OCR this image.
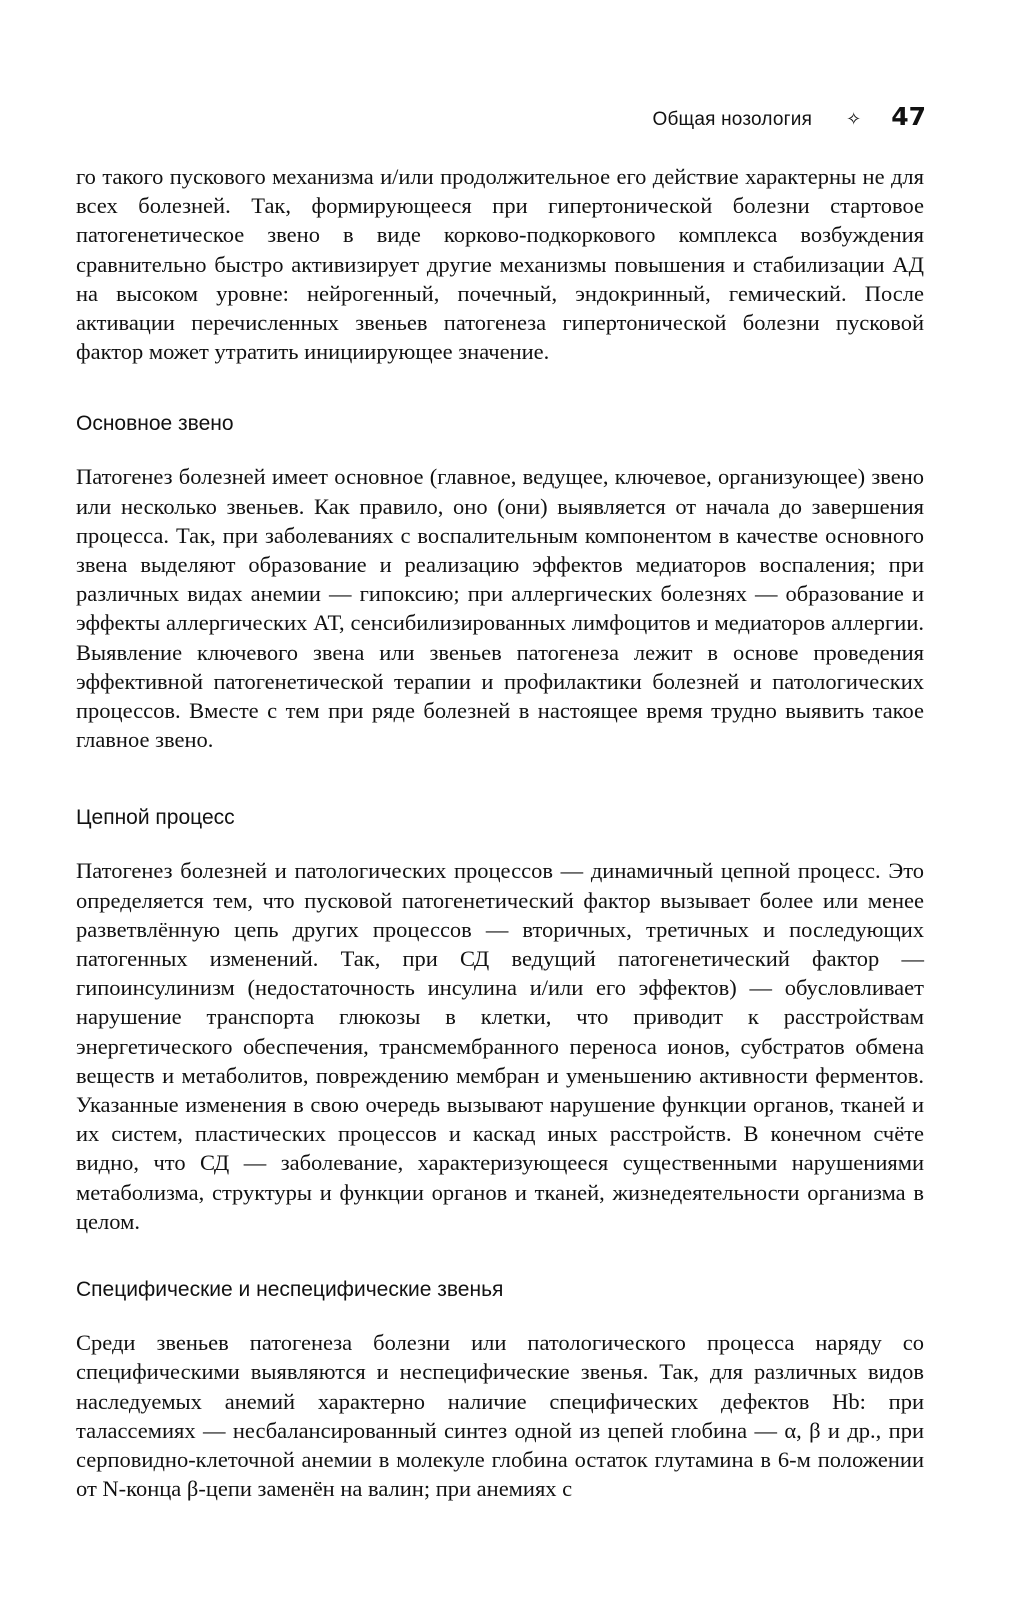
Общая нозология ✧ 47

го такого пускового механизма и/или продолжительное его действие характерны не для всех болезней. Так, формирующееся при гипертонической болезни стартовое патогенетическое звено в виде корково-подкоркового комплекса возбуждения сравнительно быстро активизирует другие механизмы повышения и стабилизации АД на высоком уровне: нейрогенный, почечный, эндокринный, гемический. После активации перечисленных звеньев патогенеза гипертонической болезни пусковой фактор может утратить инициирующее значение.

Основное звено

Патогенез болезней имеет основное (главное, ведущее, ключевое, организующее) звено или несколько звеньев. Как правило, оно (они) выявляется от начала до завершения процесса. Так, при заболеваниях с воспалительным компонентом в качестве основного звена выделяют образование и реализацию эффектов медиаторов воспаления; при различных видах анемии — гипоксию; при аллергических болезнях — образование и эффекты аллергических АТ, сенсибилизированных лимфоцитов и медиаторов аллергии. Выявление ключевого звена или звеньев патогенеза лежит в основе проведения эффективной патогенетической терапии и профилактики болезней и патологических процессов. Вместе с тем при ряде болезней в настоящее время трудно выявить такое главное звено.

Цепной процесс

Патогенез болезней и патологических процессов — динамичный цепной процесс. Это определяется тем, что пусковой патогенетический фактор вызывает более или менее разветвлённую цепь других процессов — вторичных, третичных и последующих патогенных изменений. Так, при СД ведущий патогенетический фактор — гипоинсулинизм (недостаточность инсулина и/или его эффектов) — обусловливает нарушение транспорта глюкозы в клетки, что приводит к расстройствам энергетического обеспечения, трансмембранного переноса ионов, субстратов обмена веществ и метаболитов, повреждению мембран и уменьшению активности ферментов. Указанные изменения в свою очередь вызывают нарушение функции органов, тканей и их систем, пластических процессов и каскад иных расстройств. В конечном счёте видно, что СД — заболевание, характеризующееся существенными нарушениями метаболизма, структуры и функции органов и тканей, жизнедеятельности организма в целом.

Специфические и неспецифические звенья

Среди звеньев патогенеза болезни или патологического процесса наряду со специфическими выявляются и неспецифические звенья. Так, для различных видов наследуемых анемий характерно наличие специфических дефектов Hb: при талассемиях — несбалансированный синтез одной из цепей глобина — α, β и др., при серповидно-клеточной анемии в молекуле глобина остаток глутамина в 6-м положении от N-конца β-цепи заменён на валин; при анемиях с
